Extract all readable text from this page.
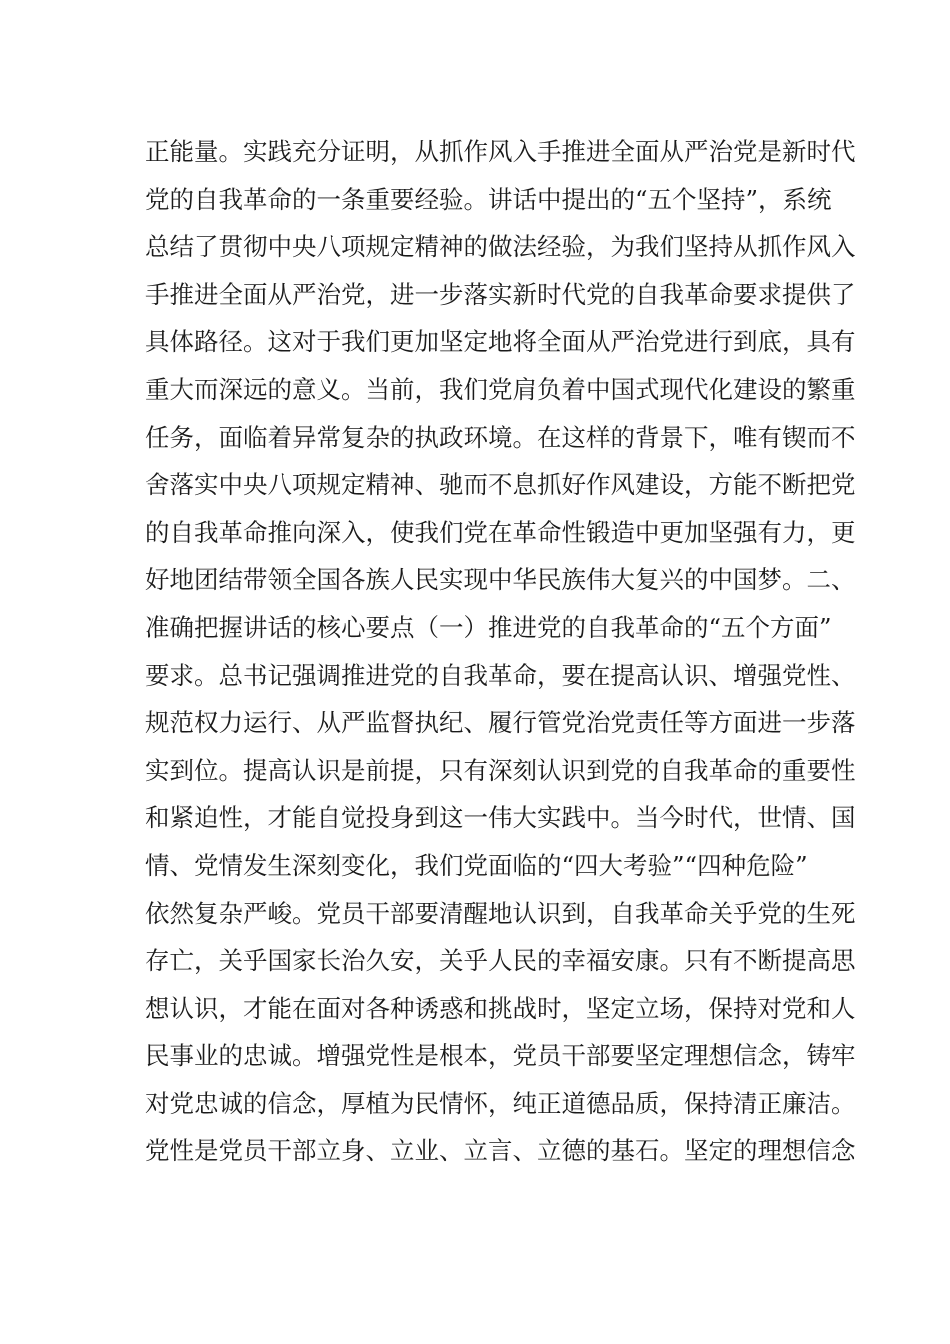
正能量。实践充分证明，从抓作风入手推进全面从严治党是新时代
党的自我革命的一条重要经验。讲话中提出的“五个坚持”，系统
总结了贯彻中央八项规定精神的做法经验，为我们坚持从抓作风入
手推进全面从严治党，进一步落实新时代党的自我革命要求提供了
具体路径。这对于我们更加坚定地将全面从严治党进行到底，具有
重大而深远的意义。当前，我们党肩负着中国式现代化建设的繁重
任务，面临着异常复杂的执政环境。在这样的背景下，唯有锲而不
舍落实中央八项规定精神、驰而不息抓好作风建设，方能不断把党
的自我革命推向深入，使我们党在革命性锻造中更加坚强有力，更
好地团结带领全国各族人民实现中华民族伟大复兴的中国梦。二、
准确把握讲话的核心要点（一）推进党的自我革命的“五个方面”
要求。总书记强调推进党的自我革命，要在提高认识、增强党性、
规范权力运行、从严监督执纪、履行管党治党责任等方面进一步落
实到位。提高认识是前提，只有深刻认识到党的自我革命的重要性
和紧迫性，才能自觉投身到这一伟大实践中。当今时代，世情、国
情、党情发生深刻变化，我们党面临的“四大考验”“四种危险”
依然复杂严峻。党员干部要清醒地认识到，自我革命关乎党的生死
存亡，关乎国家长治久安，关乎人民的幸福安康。只有不断提高思
想认识，才能在面对各种诱惑和挑战时，坚定立场，保持对党和人
民事业的忠诚。增强党性是根本，党员干部要坚定理想信念，铸牢
对党忠诚的信念，厚植为民情怀，纯正道德品质，保持清正廉洁。
党性是党员干部立身、立业、立言、立德的基石。坚定的理想信念
